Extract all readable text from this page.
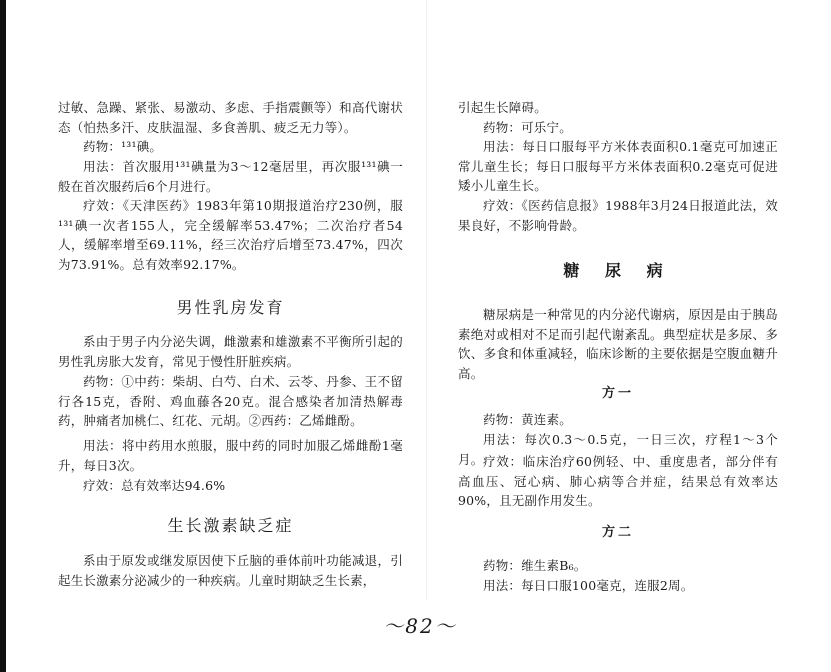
过敏、急躁、紧张、易激动、多虑、手指震颤等）和高代谢状态（怕热多汗、皮肤温湿、多食善肌、疲乏无力等）。

药物：¹³¹碘。

用法：首次服用¹³¹碘量为3～12毫居里，再次服¹³¹碘一般在首次服药后6个月进行。

疗效：《天津医药》1983年第10期报道治疗230例，服¹³¹碘一次者155人，完全缓解率53.47%；二次治疗者54人，缓解率增至69.11%，经三次治疗后增至73.47%，四次为73.91%。总有效率92.17%。

男性乳房发育

系由于男子内分泌失调，雌激素和雄激素不平衡所引起的男性乳房胀大发育，常见于慢性肝脏疾病。

药物：①中药：柴胡、白芍、白术、云苓、丹参、王不留行各15克，香附、鸡血藤各20克。混合感染者加清热解毒药，肿痛者加桃仁、红花、元胡。②西药：乙烯雌酚。

用法：将中药用水煎服，服中药的同时加服乙烯雌酚1毫升，每日3次。

疗效：总有效率达94.6%

生长激素缺乏症

系由于原发或继发原因使下丘脑的垂体前叶功能减退，引起生长激素分泌减少的一种疾病。儿童时期缺乏生长素，

引起生长障碍。

药物：可乐宁。

用法：每日口服每平方米体表面积0.1毫克可加速正常儿童生长；每日口服每平方米体表面积0.2毫克可促进矮小儿童生长。

疗效：《医药信息报》1988年3月24日报道此法，效果良好，不影响骨龄。

糖 尿 病

糖尿病是一种常见的内分泌代谢病，原因是由于胰岛素绝对或相对不足而引起代谢紊乱。典型症状是多尿、多饮、多食和体重减轻，临床诊断的主要依据是空腹血糖升高。

方一

药物：黄连素。

用法：每次0.3～0.5克，一日三次，疗程1～3个月。 疗效：临床治疗60例轻、中、重度患者，部分伴有高血压、冠心病、肺心病等合并症，结果总有效率达90%，且无副作用发生。

方二

药物：维生素B₆。

用法：每日口服100毫克，连服2周。

～82～
